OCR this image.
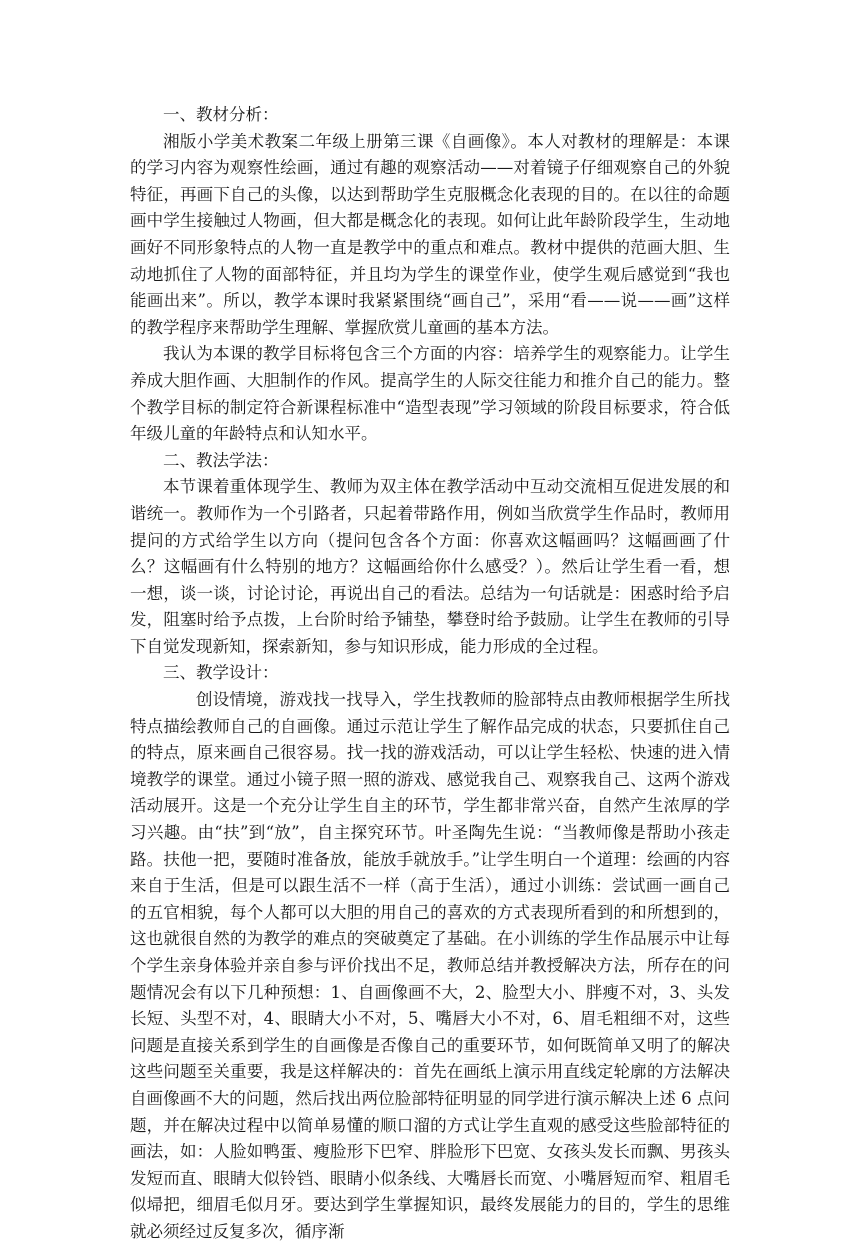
一、教材分析：

湘版小学美术教案二年级上册第三课《自画像》。本人对教材的理解是：本课的学习内容为观察性绘画，通过有趣的观察活动——对着镜子仔细观察自己的外貌特征，再画下自己的头像，以达到帮助学生克服概念化表现的目的。在以往的命题画中学生接触过人物画，但大都是概念化的表现。如何让此年龄阶段学生，生动地画好不同形象特点的人物一直是教学中的重点和难点。教材中提供的范画大胆、生动地抓住了人物的面部特征，并且均为学生的课堂作业，使学生观后感觉到“我也能画出来”。所以，教学本课时我紧紧围绕“画自己”，采用“看——说——画”这样的教学程序来帮助学生理解、掌握欣赏儿童画的基本方法。

我认为本课的教学目标将包含三个方面的内容：培养学生的观察能力。让学生养成大胆作画、大胆制作的作风。提高学生的人际交往能力和推介自己的能力。整个教学目标的制定符合新课程标准中“造型表现”学习领域的阶段目标要求，符合低年级儿童的年龄特点和认知水平。

二、教法学法：

本节课着重体现学生、教师为双主体在教学活动中互动交流相互促进发展的和谐统一。教师作为一个引路者，只起着带路作用，例如当欣赏学生作品时，教师用提问的方式给学生以方向（提问包含各个方面：你喜欢这幅画吗？这幅画画了什么？这幅画有什么特别的地方？这幅画给你什么感受？）。然后让学生看一看，想一想，谈一谈，讨论讨论，再说出自己的看法。总结为一句话就是：困惑时给予启发，阻塞时给予点拨，上台阶时给予铺垫，攀登时给予鼓励。让学生在教师的引导下自觉发现新知，探索新知，参与知识形成，能力形成的全过程。

三、教学设计：

创设情境，游戏找一找导入，学生找教师的脸部特点由教师根据学生所找特点描绘教师自己的自画像。通过示范让学生了解作品完成的状态，只要抓住自己的特点，原来画自己很容易。找一找的游戏活动，可以让学生轻松、快速的进入情境教学的课堂。通过小镜子照一照的游戏、感觉我自己、观察我自己、这两个游戏活动展开。这是一个充分让学生自主的环节，学生都非常兴奋，自然产生浓厚的学习兴趣。由“扶”到“放”，自主探究环节。叶圣陶先生说：“当教师像是帮助小孩走路。扶他一把，要随时准备放，能放手就放手。”让学生明白一个道理：绘画的内容来自于生活，但是可以跟生活不一样（高于生活），通过小训练：尝试画一画自己的五官相貌，每个人都可以大胆的用自己的喜欢的方式表现所看到的和所想到的，这也就很自然的为教学的难点的突破奠定了基础。在小训练的学生作品展示中让每个学生亲身体验并亲自参与评价找出不足，教师总结并教授解决方法，所存在的问题情况会有以下几种预想：1、自画像画不大，2、脸型大小、胖瘦不对，3、头发长短、头型不对，4、眼睛大小不对，5、嘴唇大小不对，6、眉毛粗细不对，这些问题是直接关系到学生的自画像是否像自己的重要环节，如何既简单又明了的解决这些问题至关重要，我是这样解决的：首先在画纸上演示用直线定轮廓的方法解决自画像画不大的问题，然后找出两位脸部特征明显的同学进行演示解决上述 6 点问题，并在解决过程中以简单易懂的顺口溜的方式让学生直观的感受这些脸部特征的画法，如：人脸如鸭蛋、瘦脸形下巴窄、胖脸形下巴宽、女孩头发长而飘、男孩头发短而直、眼睛大似铃铛、眼睛小似条线、大嘴唇长而宽、小嘴唇短而窄、粗眉毛似埽把，细眉毛似月牙。要达到学生掌握知识，最终发展能力的目的，学生的思维就必须经过反复多次，循序渐
